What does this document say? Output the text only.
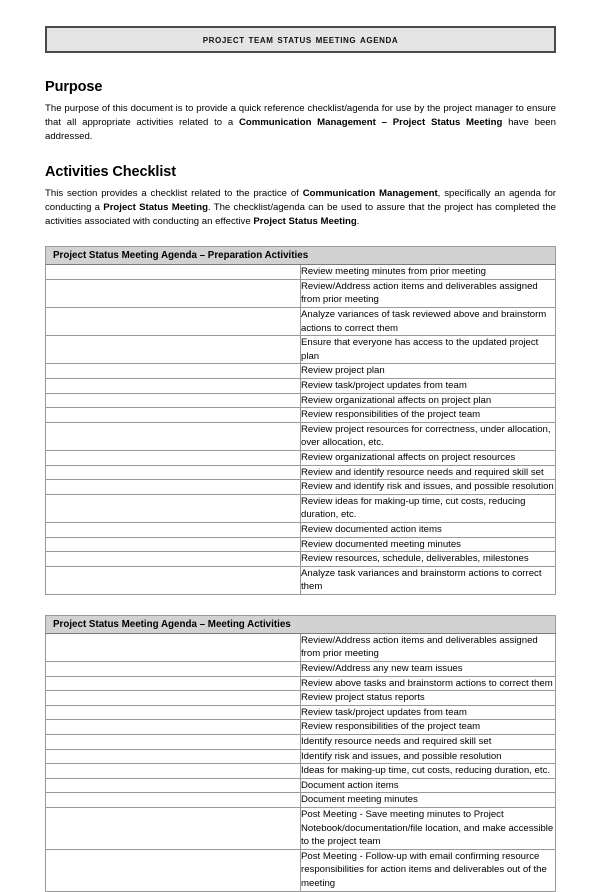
project team status meeting agenda
Purpose

The purpose of this document is to provide a quick reference checklist/agenda for use by the project manager to ensure that all appropriate activities related to a Communication Management – Project Status Meeting have been addressed.

Activities Checklist

This section provides a checklist related to the practice of Communication Management, specifically an agenda for conducting a Project Status Meeting. The checklist/agenda can be used to assure that the project has completed the activities associated with conducting an effective Project Status Meeting.

Project Status Meeting Agenda – Preparation Activities	
	Review meeting minutes from prior meeting
	Review/Address action items and deliverables assigned from prior meeting
	Analyze variances of task reviewed above and brainstorm actions to correct them
	Ensure that everyone has access to the updated project plan
	Review project plan
	Review task/project updates from team
	Review organizational affects on project plan
	Review responsibilities of the project team
	Review project resources for correctness, under allocation, over allocation, etc.
	Review organizational affects on project resources
	Review and identify resource needs and required skill set
	Review and identify risk and issues, and possible resolution
	Review ideas for making-up time, cut costs, reducing duration, etc.
	Review documented action items
	Review documented meeting minutes
	Review resources, schedule, deliverables, milestones
	Analyze task variances and brainstorm actions to correct them
Project Status Meeting Agenda – Meeting Activities	
	Review/Address action items and deliverables assigned from prior meeting
	Review/Address any new team issues
	Review above tasks and brainstorm actions to correct them
	Review project status reports
	Review task/project updates from team
	Review responsibilities of the project team
	Identify resource needs and required skill set
	Identify risk and issues, and possible resolution
	Ideas for making-up time, cut costs, reducing duration, etc.
	Document action items
	Document meeting minutes
	Post Meeting - Save meeting minutes to Project Notebook/documentation/file location, and make accessible to the project team
	Post Meeting - Follow-up with email confirming resource responsibilities for action items and deliverables out of the meeting
